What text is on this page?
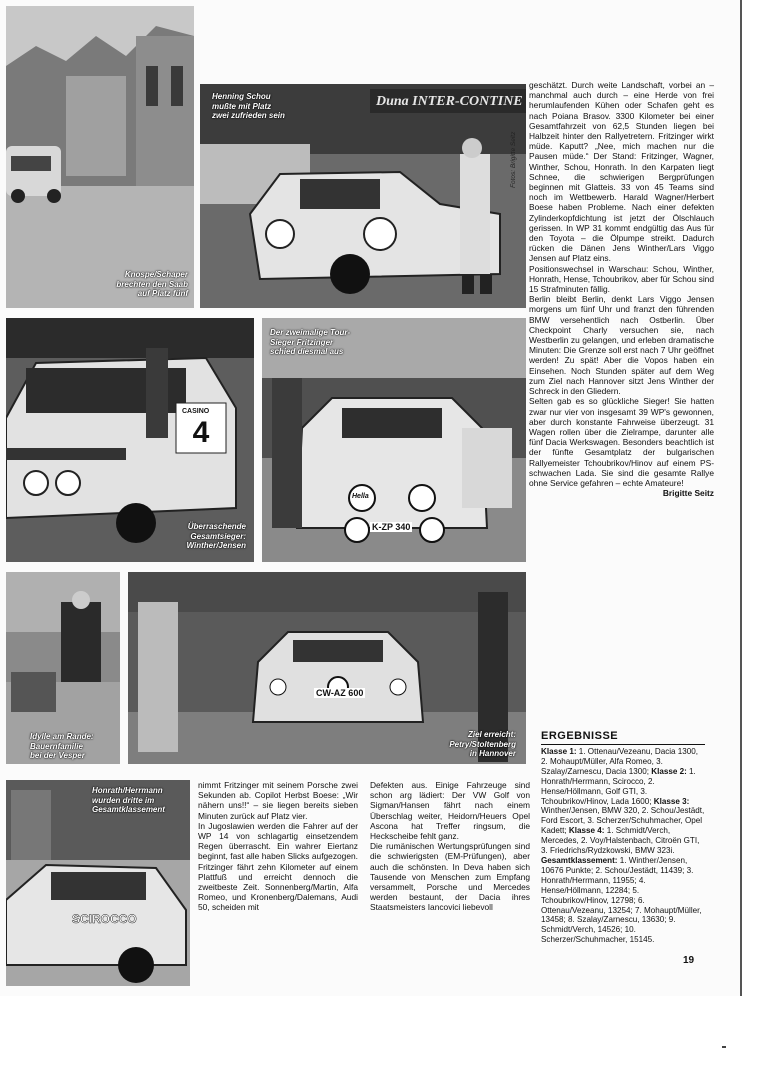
Knospe/Schaper
brechten den Saab
auf Platz fünf
Duna INTER-CONTINE
Henning Schou
mußte mit Platz
zwei zufrieden sein
Fotos: Brigitte Seitz
4
CASINO
Überraschende
Gesamtsieger:
Winther/Jensen
K-ZP 340
Hella
Der zweimalige Tour-
Sieger Fritzinger
schied diesmal aus
Idylle am Rande:
Bauernfamilie
bei der Vesper
CW-AZ 600
Ziel erreicht:
Petry/Stoltenberg
in Hannover
SCIROCCO
Honrath/Herrmann
wurden dritte im
Gesamtklassement

geschätzt. Durch weite Landschaft, vorbei an – manchmal auch durch – eine Herde von frei herumlaufenden Kühen oder Schafen geht es nach Poiana Brasov. 3300 Kilometer bei einer Gesamtfahrzeit von 62,5 Stunden liegen bei Halbzeit hinter den Rallyetretern. Fritzinger wirkt müde. Kaputt? „Nee, mich machen nur die Pausen müde.“ Der Stand: Fritzinger, Wagner, Winther, Schou, Honrath. In den Karpaten liegt Schnee, die schwierigen Bergprüfungen beginnen mit Glatteis. 33 von 45 Teams sind noch im Wettbewerb. Harald Wagner/Herbert Boese haben Probleme. Nach einer defekten Zylinderkopfdichtung ist jetzt der Ölschlauch gerissen. In WP 31 kommt endgültig das Aus für den Toyota – die Ölpumpe streikt. Dadurch rücken die Dänen Jens Winther/Lars Viggo Jensen auf Platz eins.

Positionswechsel in Warschau: Schou, Winther, Honrath, Hense, Tchoubrikov, aber für Schou sind 15 Strafminuten fällig.

Berlin bleibt Berlin, denkt Lars Viggo Jensen morgens um fünf Uhr und franzt den führenden BMW versehentlich nach Ostberlin. Über Checkpoint Charly versuchen sie, nach Westberlin zu gelangen, und erleben dramatische Minuten: Die Grenze soll erst nach 7 Uhr geöffnet werden! Zu spät! Aber die Vopos haben ein Einsehen. Noch Stunden später auf dem Weg zum Ziel nach Hannover sitzt Jens Winther der Schreck in den Gliedern.

Selten gab es so glückliche Sieger! Sie hatten zwar nur vier von insgesamt 39 WP's gewonnen, aber durch konstante Fahrweise überzeugt. 31 Wagen rollen über die Zielrampe, darunter alle fünf Dacia Werkswagen. Besonders beachtlich ist der fünfte Gesamtplatz der bulgarischen Rallyemeister Tchoubrikov/Hinov auf einem PS-schwachen Lada. Sie sind die gesamte Rallye ohne Service gefahren – echte Amateure!

Brigitte Seitz

ERGEBNISSE
Klasse 1: 1. Ottenau/Vezeanu, Dacia 1300, 2. Mohaupt/Müller, Alfa Romeo, 3. Szalay/Zarnescu, Dacia 1300; Klasse 2: 1. Honrath/Herrmann, Scirocco, 2. Hense/Höllmann, Golf GTI, 3. Tchoubrikov/Hinov, Lada 1600; Klasse 3: Winther/Jensen, BMW 320, 2. Schou/Jestädt, Ford Escort, 3. Scherzer/Schuhmacher, Opel Kadett; Klasse 4: 1. Schmidt/Verch, Mercedes, 2. Voy/Halstenbach, Citroën GTI, 3. Friedrichs/Rydzkowski, BMW 323i. Gesamtklassement: 1. Winther/Jensen, 10676 Punkte; 2. Schou/Jestädt, 11439; 3. Honrath/Herrmann, 11955; 4. Hense/Höllmann, 12284; 5. Tchoubrikov/Hinov, 12798; 6. Ottenau/Vezeanu, 13254; 7. Mohaupt/Müller, 13458; 8. Szalay/Zarnescu, 13630; 9. Schmidt/Verch, 14526; 10. Scherzer/Schuhmacher, 15145.

nimmt Fritzinger mit seinem Porsche zwei Sekunden ab. Copilot Herbst Boese: „Wir nähern uns!!“ – sie liegen bereits sieben Minuten zurück auf Platz vier.

In Jugoslawien werden die Fahrer auf der WP 14 von schlagartig einsetzendem Regen überrascht. Ein wahrer Eiertanz beginnt, fast alle haben Slicks aufgezogen. Fritzinger fährt zehn Kilometer auf einem Plattfuß und erreicht dennoch die zweitbeste Zeit. Sonnenberg/Martin, Alfa Romeo, und Kronenberg/Dalemans, Audi 50, scheiden mit

Defekten aus. Einige Fahrzeuge sind schon arg lädiert: Der VW Golf von Sigman/Hansen fährt nach einem Überschlag weiter, Heidorn/Heuers Opel Ascona hat Treffer ringsum, die Heckscheibe fehlt ganz.

Die rumänischen Wertungsprüfungen sind die schwierigsten (EM-Prüfungen), aber auch die schönsten. In Deva haben sich Tausende von Menschen zum Empfang versammelt, Porsche und Mercedes werden bestaunt, der Dacia ihres Staatsmeisters Iancovici liebevoll

19
